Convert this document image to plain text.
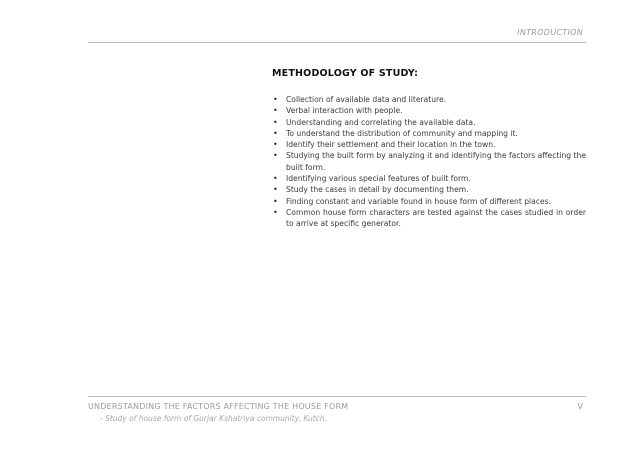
INTRODUCTION
METHODOLOGY OF STUDY:
• Collection of available data and literature.
• Verbal interaction with people.
• Understanding and correlating the available data.
• To understand the distribution of community and mapping it.
• Identify their settlement and their location in the town.
• Studying the built form by analyzing it and identifying the factors affecting the built form.
• Identifying various special features of built form.
• Study the cases in detail by documenting them.
• Finding constant and variable found in house form of different places.
• Common house form characters are tested against the cases studied in order to arrive at specific generator.
UNDERSTANDING THE FACTORS AFFECTING THE HOUSE FORM	V
- Study of house form of Gurjar Kshatriya community, Kutch.
